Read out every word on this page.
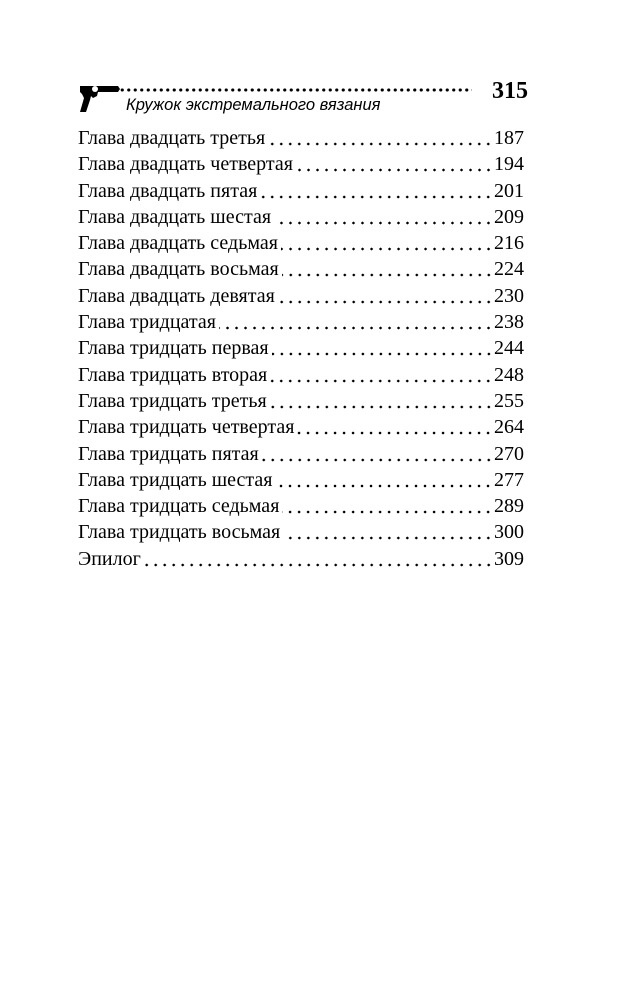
Кружок экстремального вязания
315
Глава двадцать третья	187
Глава двадцать четвертая	194
Глава двадцать пятая	201
Глава двадцать шестая	209
Глава двадцать седьмая	216
Глава двадцать восьмая	224
Глава двадцать девятая	230
Глава тридцатая	238
Глава тридцать первая	244
Глава тридцать вторая	248
Глава тридцать третья	255
Глава тридцать четвертая	264
Глава тридцать пятая	270
Глава тридцать шестая	277
Глава тридцать седьмая	289
Глава тридцать восьмая	300
Эпилог	309
